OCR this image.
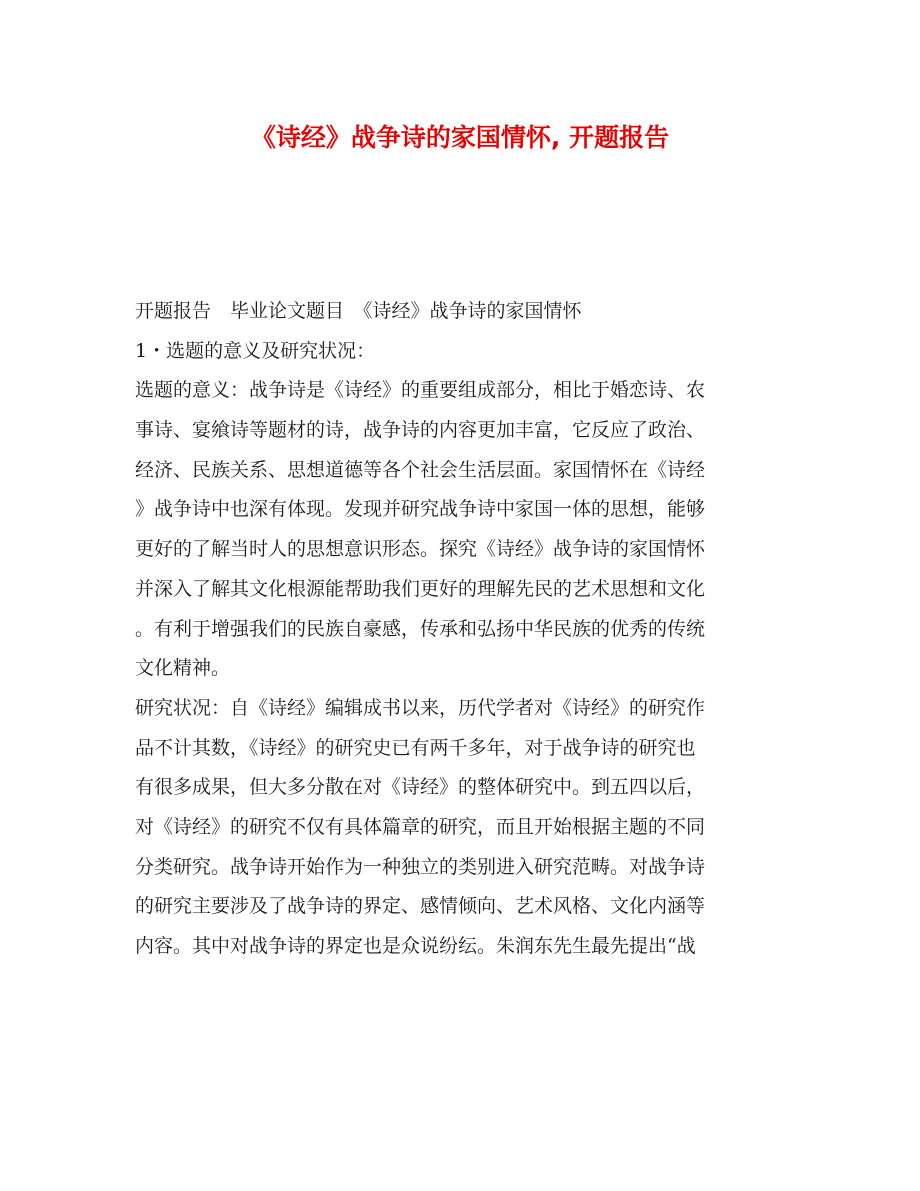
《诗经》战争诗的家国情怀, 开题报告
开题报告　毕业论文题目　《诗经》战争诗的家国情怀
1・选题的意义及研究状况：
选题的意义：战争诗是《诗经》的重要组成部分，相比于婚恋诗、农
事诗、宴飨诗等题材的诗，战争诗的内容更加丰富，它反应了政治、
经济、民族关系、思想道德等各个社会生活层面。家国情怀在《诗经
》战争诗中也深有体现。发现并研究战争诗中家国一体的思想，能够
更好的了解当时人的思想意识形态。探究《诗经》战争诗的家国情怀
并深入了解其文化根源能帮助我们更好的理解先民的艺术思想和文化
。有利于增强我们的民族自豪感，传承和弘扬中华民族的优秀的传统
文化精神。
研究状况：自《诗经》编辑成书以来，历代学者对《诗经》的研究作
品不计其数，《诗经》的研究史已有两千多年，对于战争诗的研究也
有很多成果，但大多分散在对《诗经》的整体研究中。到五四以后，
对《诗经》的研究不仅有具体篇章的研究，而且开始根据主题的不同
分类研究。战争诗开始作为一种独立的类别进入研究范畴。对战争诗
的研究主要涉及了战争诗的界定、感情倾向、艺术风格、文化内涵等
内容。其中对战争诗的界定也是众说纷纭。朱润东先生最先提出“战
